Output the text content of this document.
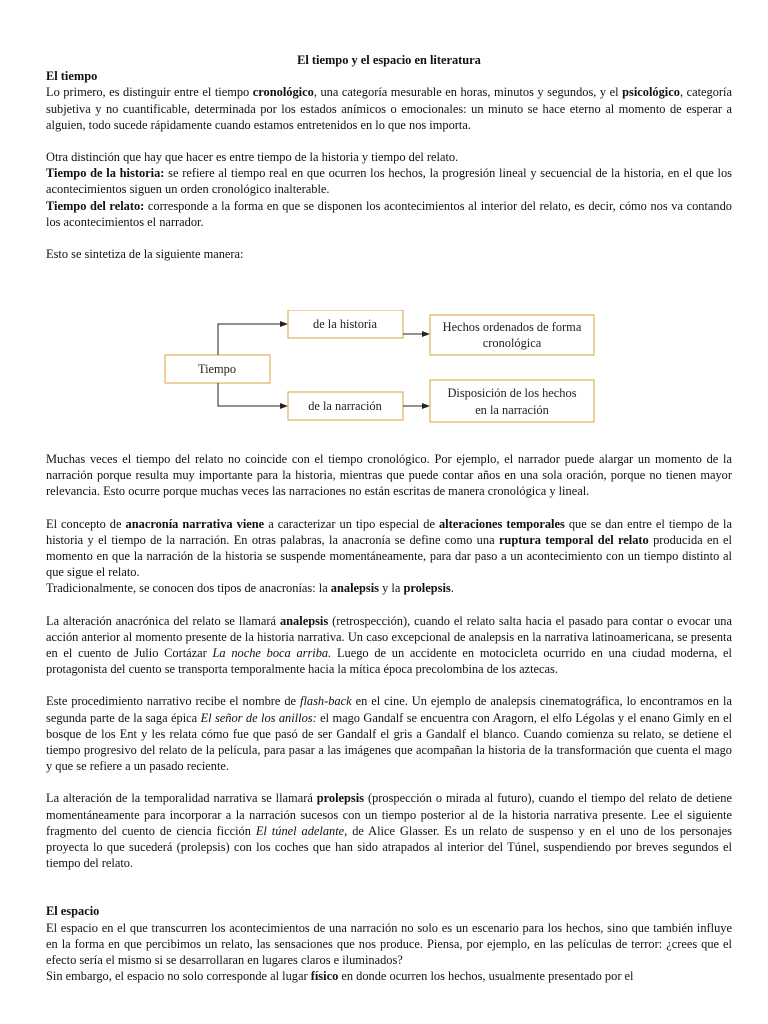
El tiempo y el espacio en literatura

El tiempo

Lo primero, es distinguir entre el tiempo cronológico, una categoría mesurable en horas, minutos y segundos, y el psicológico, categoría subjetiva y no cuantificable, determinada por los estados anímicos o emocionales: un minuto se hace eterno al momento de esperar a alguien, todo sucede rápidamente cuando estamos entretenidos en lo que nos importa.

Otra distinción que hay que hacer es entre tiempo de la historia y tiempo del relato.

Tiempo de la historia: se refiere al tiempo real en que ocurren los hechos, la progresión lineal y secuencial de la historia, en el que los acontecimientos siguen un orden cronológico inalterable.

Tiempo del relato: corresponde a la forma en que se disponen los acontecimientos al interior del relato, es decir, cómo nos va contando los acontecimientos el narrador.

Esto se sintetiza de la siguiente manera:

Tiempo
de la historia
de la narración
Hechos ordenados de forma
cronológica
Disposición de los hechos
en la narración

Muchas veces el tiempo del relato no coincide con el tiempo cronológico. Por ejemplo, el narrador puede alargar un momento de la narración porque resulta muy importante para la historia, mientras que puede contar años en una sola oración, porque no tienen mayor relevancia. Esto ocurre porque muchas veces las narraciones no están escritas de manera cronológica y lineal.

El concepto de anacronía narrativa viene a caracterizar un tipo especial de alteraciones temporales que se dan entre el tiempo de la historia y el tiempo de la narración. En otras palabras, la anacronía se define como una ruptura temporal del relato producida en el momento en que la narración de la historia se suspende momentáneamente, para dar paso a un acontecimiento con un tiempo distinto al que sigue el relato.

Tradicionalmente, se conocen dos tipos de anacronías: la analepsis y la prolepsis.

La alteración anacrónica del relato se llamará analepsis (retrospección), cuando el relato salta hacia el pasado para contar o evocar una acción anterior al momento presente de la historia narrativa. Un caso excepcional de analepsis en la narrativa latinoamericana, se presenta en el cuento de Julio Cortázar La noche boca arriba. Luego de un accidente en motocicleta ocurrido en una ciudad moderna, el protagonista del cuento se transporta temporalmente hacia la mítica época precolombina de los aztecas.

Este procedimiento narrativo recibe el nombre de flash-back en el cine. Un ejemplo de analepsis cinematográfica, lo encontramos en la segunda parte de la saga épica El señor de los anillos: el mago Gandalf se encuentra con Aragorn, el elfo Légolas y el enano Gimly en el bosque de los Ent y les relata cómo fue que pasó de ser Gandalf el gris a Gandalf el blanco. Cuando comienza su relato, se detiene el tiempo progresivo del relato de la película, para pasar a las imágenes que acompañan la historia de la transformación que cuenta el mago y que se refiere a un pasado reciente.

La alteración de la temporalidad narrativa se llamará prolepsis (prospección o mirada al futuro), cuando el tiempo del relato de detiene momentáneamente para incorporar a la narración sucesos con un tiempo posterior al de la historia narrativa presente. Lee el siguiente fragmento del cuento de ciencia ficción El túnel adelante, de Alice Glasser. Es un relato de suspenso y en el uno de los personajes proyecta lo que sucederá (prolepsis) con los coches que han sido atrapados al interior del Túnel, suspendiendo por breves segundos el tiempo del relato.

El espacio

El espacio en el que transcurren los acontecimientos de una narración no solo es un escenario para los hechos, sino que también influye en la forma en que percibimos un relato, las sensaciones que nos produce. Piensa, por ejemplo, en las películas de terror: ¿crees que el efecto sería el mismo si se desarrollaran en lugares claros e iluminados?

Sin embargo, el espacio no solo corresponde al lugar físico en donde ocurren los hechos, usualmente presentado por el
